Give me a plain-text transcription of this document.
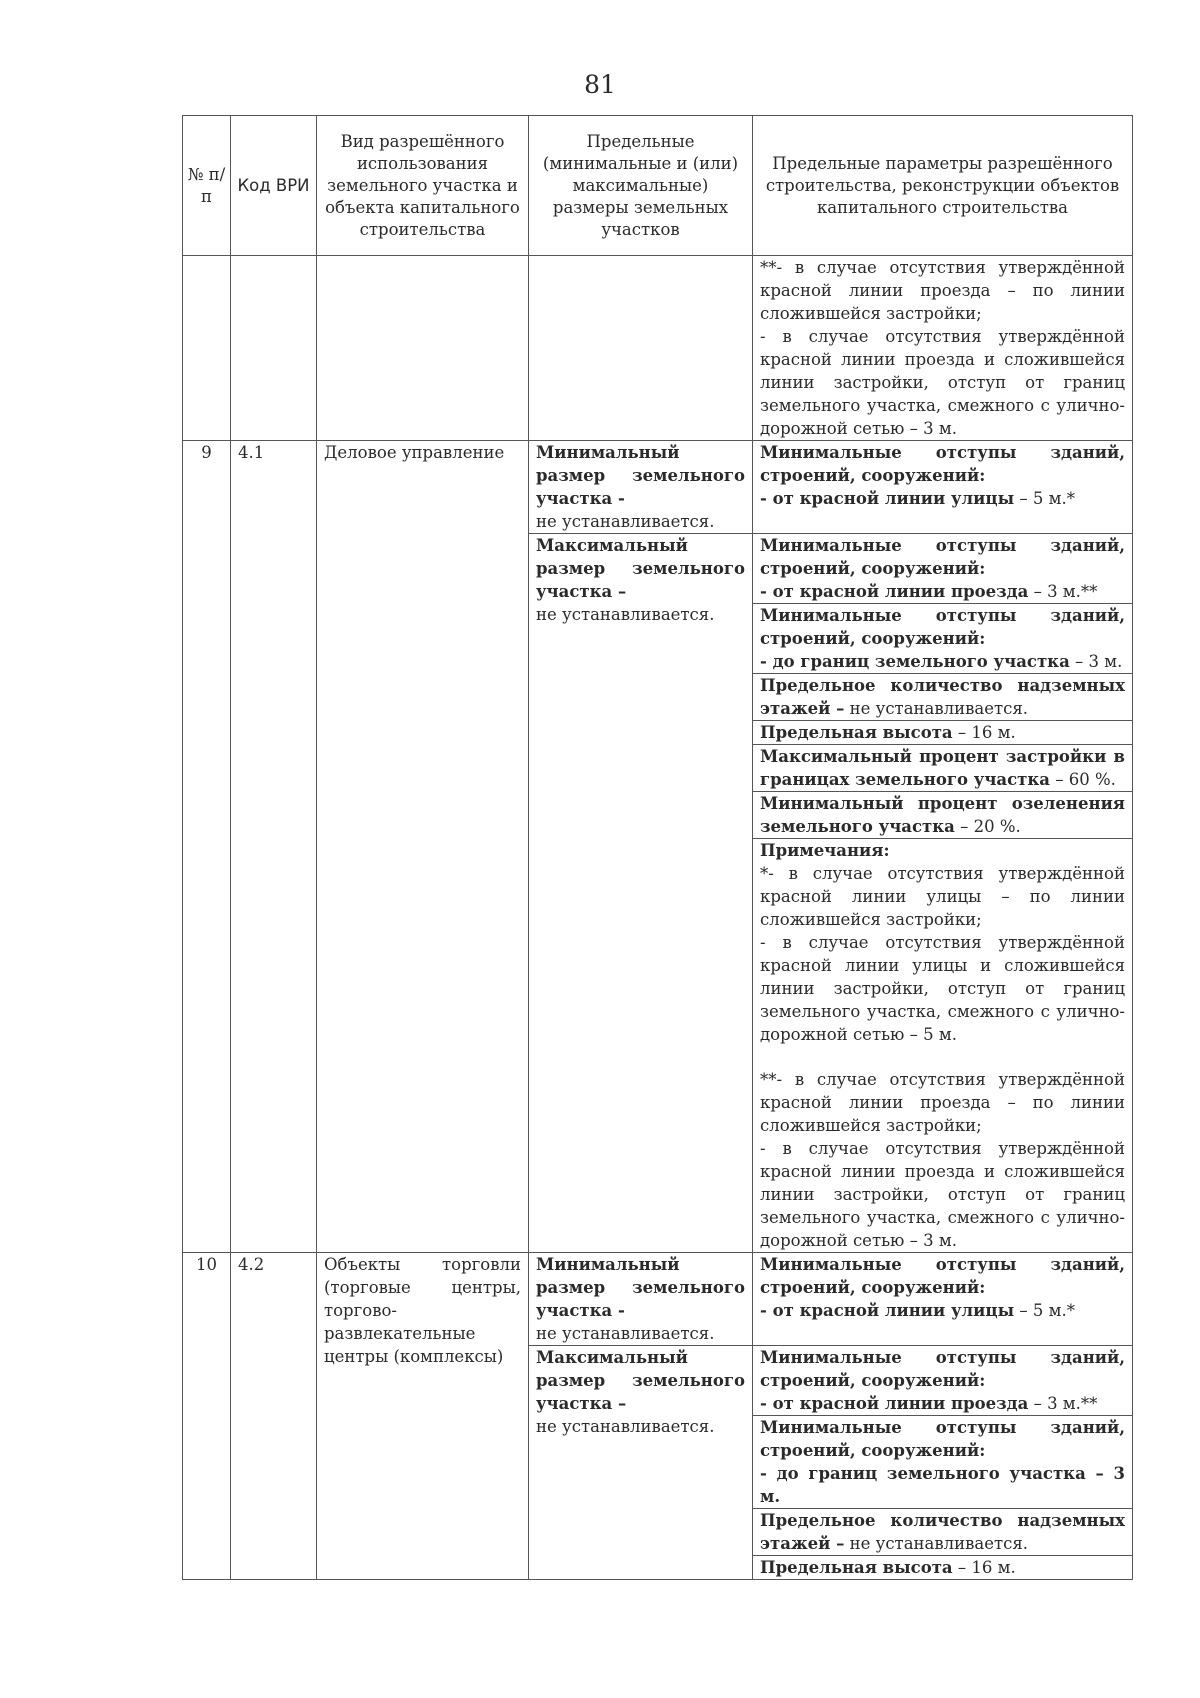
81
№ п/п	Код ВРИ	Вид разрешённого использования земельного участка и объекта капитального строительства	Предельные (минимальные и (или) максимальные) размеры земельных участков	Предельные параметры разрешённого строительства, реконструкции объектов капитального строительства

				**- в случае отсутствия утверждённой красной линии проезда – по линии сложившейся застройки;
- в случае отсутствия утверждённой красной линии проезда и сложившейся линии застройки, отступ от границ земельного участка, смежного с улично-дорожной сетью – 3 м.

9	4.1	Деловое управление	Минимальный размер земельного участка -
не устанавливается.	Минимальные отступы зданий, строений, сооружений:
- от красной линии улицы – 5 м.*

			Максимальный размер земельного участка –
не устанавливается.	Минимальные отступы зданий, строений, сооружений:
- от красной линии проезда – 3 м.**

				Минимальные отступы зданий, строений, сооружений:
- до границ земельного участка – 3 м.

				Предельное количество надземных этажей – не устанавливается.
				Предельная высота – 16 м.
				Максимальный процент застройки в границах земельного участка – 60 %.
				Минимальный процент озеленения земельного участка – 20 %.

				Примечания:
*- в случае отсутствия утверждённой красной линии улицы – по линии сложившейся застройки;
- в случае отсутствия утверждённой красной линии улицы и сложившейся линии застройки, отступ от границ земельного участка, смежного с улично-дорожной сетью – 5 м.
**- в случае отсутствия утверждённой красной линии проезда – по линии сложившейся застройки;
- в случае отсутствия утверждённой красной линии проезда и сложившейся линии застройки, отступ от границ земельного участка, смежного с улично-дорожной сетью – 3 м.

10	4.2	Объекты торговли (торговые центры, торгово-развлекательные центры (комплексы)	Минимальный размер земельного участка -
не устанавливается.	Минимальные отступы зданий, строений, сооружений:
- от красной линии улицы – 5 м.*

			Максимальный размер земельного участка –
не устанавливается.	Минимальные отступы зданий, строений, сооружений:
- от красной линии проезда – 3 м.**

				Минимальные отступы зданий, строений, сооружений:
- до границ земельного участка – 3 м.

				Предельное количество надземных этажей – не устанавливается.
				Предельная высота – 16 м.
